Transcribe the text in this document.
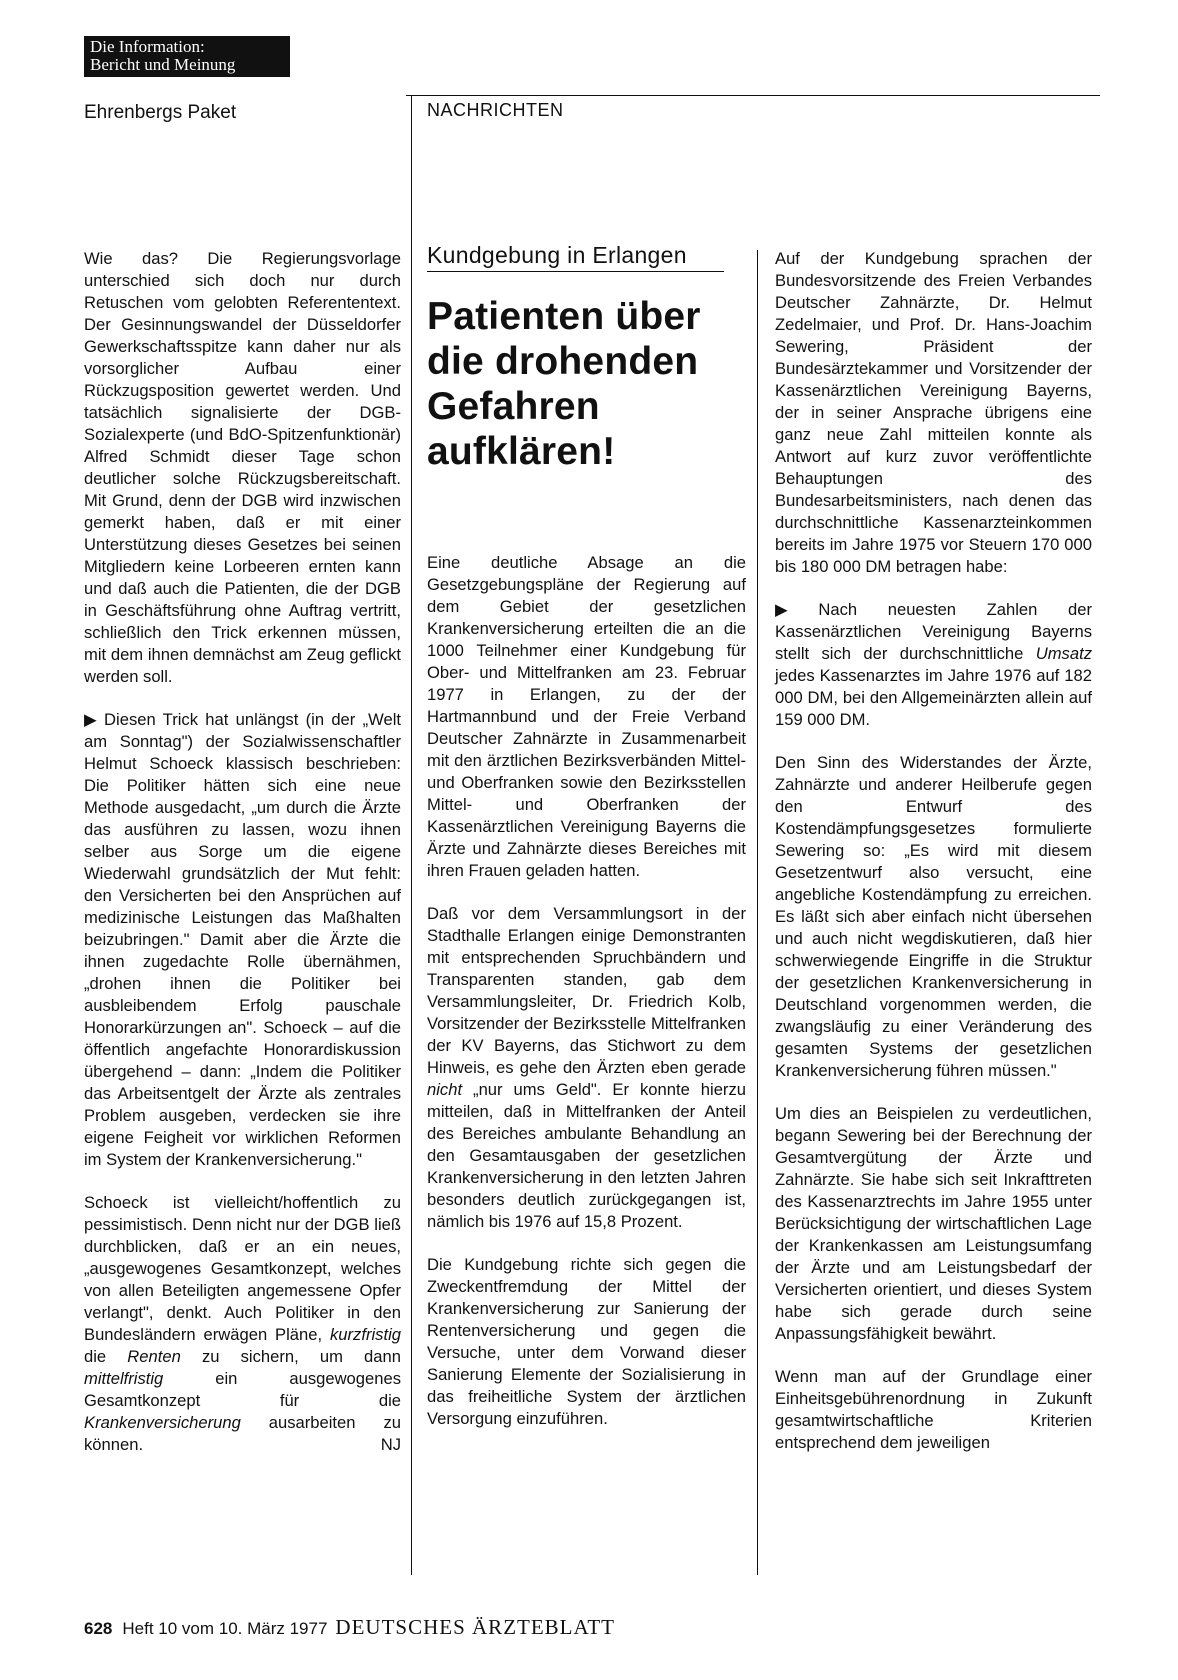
Die Information:
Bericht und Meinung
Ehrenbergs Paket	NACHRICHTEN
Kundgebung in Erlangen
Patienten über die drohenden Gefahren aufklären!

Wie das? Die Regierungsvorlage unterschied sich doch nur durch Retuschen vom gelobten Referententext. Der Gesinnungswandel der Düsseldorfer Gewerkschaftsspitze kann daher nur als vorsorglicher Aufbau einer Rückzugsposition gewertet werden. Und tatsächlich signalisierte der DGB-Sozialexperte (und BdO-Spitzenfunktionär) Alfred Schmidt dieser Tage schon deutlicher solche Rückzugsbereitschaft. Mit Grund, denn der DGB wird inzwischen gemerkt haben, daß er mit einer Unterstützung dieses Gesetzes bei seinen Mitgliedern keine Lorbeeren ernten kann und daß auch die Patienten, die der DGB in Geschäftsführung ohne Auftrag vertritt, schließlich den Trick erkennen müssen, mit dem ihnen demnächst am Zeug geflickt werden soll.

▶ Diesen Trick hat unlängst (in der „Welt am Sonntag") der Sozialwissenschaftler Helmut Schoeck klassisch beschrieben: Die Politiker hätten sich eine neue Methode ausgedacht, „um durch die Ärzte das ausführen zu lassen, wozu ihnen selber aus Sorge um die eigene Wiederwahl grundsätzlich der Mut fehlt: den Versicherten bei den Ansprüchen auf medizinische Leistungen das Maßhalten beizubringen." Damit aber die Ärzte die ihnen zugedachte Rolle übernähmen, „drohen ihnen die Politiker bei ausbleibendem Erfolg pauschale Honorarkürzungen an". Schoeck – auf die öffentlich angefachte Honorardiskussion übergehend – dann: „Indem die Politiker das Arbeitsentgelt der Ärzte als zentrales Problem ausgeben, verdecken sie ihre eigene Feigheit vor wirklichen Reformen im System der Krankenversicherung."

Schoeck ist vielleicht/hoffentlich zu pessimistisch. Denn nicht nur der DGB ließ durchblicken, daß er an ein neues, „ausgewogenes Gesamtkonzept, welches von allen Beteiligten angemessene Opfer verlangt", denkt. Auch Politiker in den Bundesländern erwägen Pläne, kurzfristig die Renten zu sichern, um dann mittelfristig	ein ausgewogenes Gesamtkonzept für die Krankenversicherung ausarbeiten zu können.	NJ

Eine deutliche Absage an die Gesetzgebungspläne der Regierung auf dem Gebiet der gesetzlichen Krankenversicherung erteilten die an die 1000 Teilnehmer einer Kundgebung für Ober- und Mittelfranken am 23. Februar 1977 in Erlangen, zu der der Hartmannbund und der Freie Verband Deutscher Zahnärzte in Zusammenarbeit mit den ärztlichen Bezirksverbänden Mittel- und Oberfranken sowie den Bezirksstellen Mittel- und Oberfranken der Kassenärztlichen Vereinigung Bayerns die Ärzte und Zahnärzte dieses Bereiches mit ihren Frauen geladen hatten.

Daß vor dem Versammlungsort in der Stadthalle Erlangen einige Demonstranten mit entsprechenden Spruchbändern und Transparenten standen, gab dem Versammlungsleiter, Dr. Friedrich Kolb, Vorsitzender der Bezirksstelle Mittelfranken der KV Bayerns, das Stichwort zu dem Hinweis, es gehe den Ärzten eben gerade nicht „nur ums Geld". Er konnte hierzu mitteilen, daß in Mittelfranken der Anteil des Bereiches ambulante Behandlung an den Gesamtausgaben der gesetzlichen Krankenversicherung in den letzten Jahren besonders deutlich zurückgegangen ist, nämlich bis 1976 auf 15,8 Prozent.

Die Kundgebung richte sich gegen die Zweckentfremdung der Mittel der Krankenversicherung zur Sanierung der Rentenversicherung und gegen die Versuche, unter dem Vorwand dieser Sanierung Elemente der Sozialisierung in das freiheitliche System der ärztlichen Versorgung einzuführen.

Auf der Kundgebung sprachen der Bundesvorsitzende des Freien Verbandes Deutscher Zahnärzte, Dr. Helmut Zedelmaier, und Prof. Dr. Hans-Joachim Sewering, Präsident der Bundesärztekammer und Vorsitzender der Kassenärztlichen Vereinigung Bayerns, der in seiner Ansprache übrigens eine ganz neue Zahl mitteilen konnte als Antwort auf kurz zuvor veröffentlichte Behauptungen des Bundesarbeitsministers, nach denen das durchschnittliche Kassenarzteinkommen bereits im Jahre 1975 vor Steuern 170 000 bis 180 000 DM betragen habe:

▶ Nach neuesten Zahlen der Kassenärztlichen Vereinigung Bayerns stellt sich der durchschnittliche Umsatz jedes Kassenarztes im Jahre 1976 auf 182 000 DM, bei den Allgemeinärzten allein auf 159 000 DM.

Den Sinn des Widerstandes der Ärzte, Zahnärzte und anderer Heilberufe gegen den Entwurf des Kostendämpfungsgesetzes formulierte Sewering so: „Es wird mit diesem Gesetzentwurf also versucht, eine angebliche Kostendämpfung zu erreichen. Es läßt sich aber einfach nicht übersehen und auch nicht wegdiskutieren, daß hier schwerwiegende Eingriffe in die Struktur der gesetzlichen Krankenversicherung in Deutschland vorgenommen werden, die zwangsläufig zu einer Veränderung des gesamten Systems der gesetzlichen Krankenversicherung führen müssen."

Um dies an Beispielen zu verdeutlichen, begann Sewering bei der Berechnung der Gesamtvergütung der Ärzte und Zahnärzte. Sie habe sich seit Inkrafttreten des Kassenarztrechts im Jahre 1955 unter Berücksichtigung der wirtschaftlichen Lage der Krankenkassen am Leistungsumfang der Ärzte und am Leistungsbedarf der Versicherten orientiert, und dieses System habe sich gerade durch seine Anpassungsfähigkeit bewährt.

Wenn man auf der Grundlage einer Einheitsgebührenordnung in Zukunft gesamtwirtschaftliche Kriterien entsprechend dem jeweiligen

628 Heft 10 vom 10. März 1977 DEUTSCHES ÄRZTEBLATT
